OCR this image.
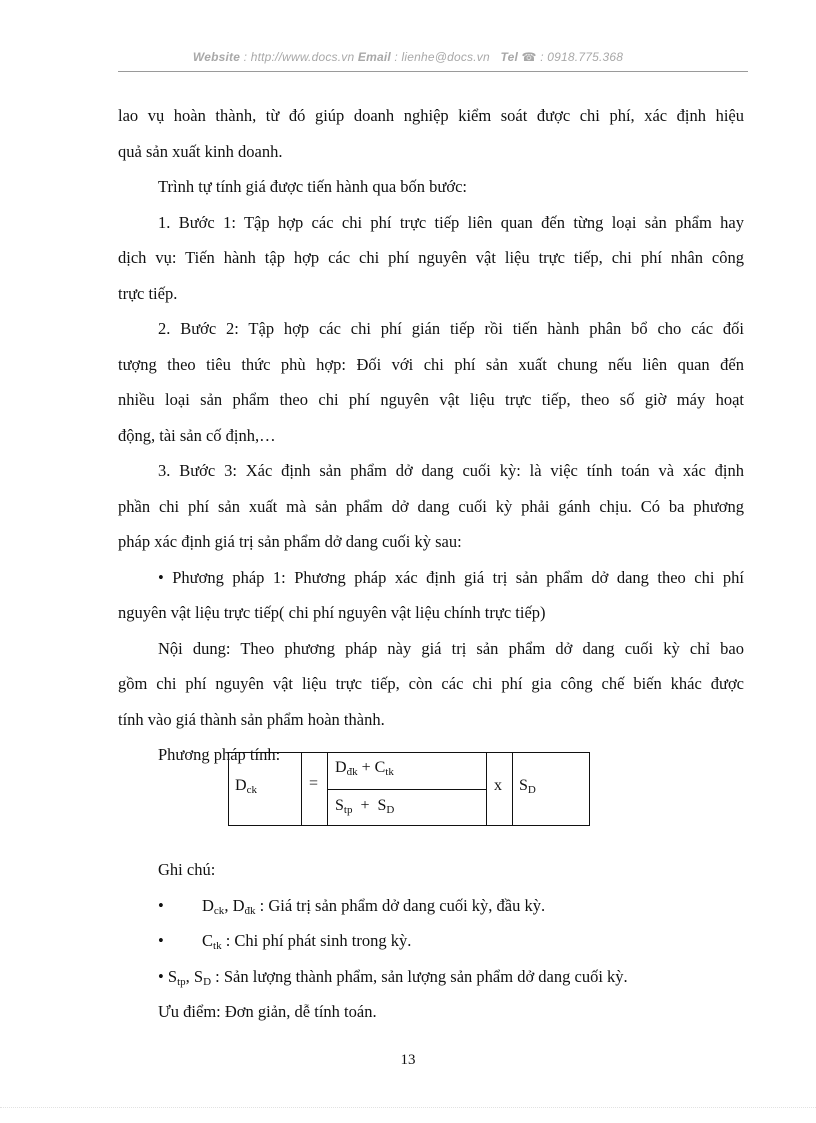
Website : http://www.docs.vn Email : lienhe@docs.vn   Tel ☎ : 0918.775.368
lao vụ hoàn thành, từ đó giúp doanh nghiệp kiểm soát được chi phí, xác định hiệu
quả sản xuất kinh doanh.
Trình tự tính giá được tiến hành qua bốn bước:
1. Bước 1: Tập hợp các chi phí trực tiếp liên quan đến từng loại sản phẩm hay
dịch vụ: Tiến hành tập hợp các chi phí nguyên vật liệu trực tiếp, chi phí nhân công
trực tiếp.
2. Bước 2: Tập hợp các chi phí gián tiếp rồi tiến hành phân bổ cho các đối
tượng theo tiêu thức phù hợp: Đối với chi phí sản xuất chung nếu liên quan đến
nhiều loại sản phẩm theo chi phí nguyên vật liệu trực tiếp, theo số giờ máy hoạt
động, tài sản cố định,…
3. Bước 3: Xác định sản phẩm dở dang cuối kỳ: là việc tính toán và xác định
phần chi phí sản xuất mà sản phẩm dở dang cuối kỳ phải gánh chịu. Có ba phương
pháp xác định giá trị sản phẩm dở dang cuối kỳ sau:
• Phương pháp 1: Phương pháp xác định giá trị sản phẩm dở dang theo chi phí
nguyên vật liệu trực tiếp( chi phí nguyên vật liệu chính trực tiếp)
Nội dung: Theo phương pháp này giá trị sản phẩm dở dang cuối kỳ chỉ bao
gồm chi phí nguyên vật liệu trực tiếp, còn các chi phí gia công chế biến khác được
tính vào giá thành sản phẩm hoàn thành.
Phương pháp tính:
$D_{ck}$	=
$D_{đk} + C_{tk}$
$S_{tp} + S_D$
x $S_D$
Ghi chú:
• $D_{ck}$, $D_{đk}$ : Giá trị sản phẩm dở dang cuối kỳ, đầu kỳ.
• $C_{tk}$ : Chi phí phát sinh trong kỳ.
• $S_{tp}$, $S_D$ : Sản lượng thành phẩm, sản lượng sản phẩm dở dang cuối kỳ.
Ưu điểm: Đơn giản, dễ tính toán.
13
